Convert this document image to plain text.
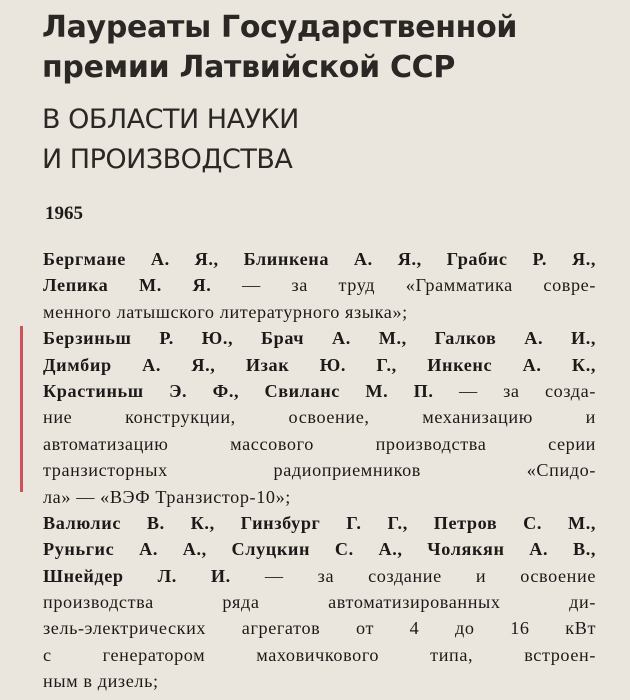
Лауреаты Государственной
премии Латвийской ССР
В ОБЛАСТИ НАУКИ
И ПРОИЗВОДСТВА
1965
Бергмане А. Я., Блинкена А. Я., Грабис Р. Я.,
Лепика М. Я. — за труд «Грамматика совре-
менного латышского литературного языка»;
Берзиньш Р. Ю., Брач А. М., Галков А. И.,
Димбир А. Я., Изак Ю. Г., Инкенс А. К.,
Крастиньш Э. Ф., Свиланс М. П. — за созда-
ние конструкции, освоение, механизацию и
автоматизацию массового производства серии
транзисторных радиоприемников «Спидо-
ла» — «ВЭФ Транзистор-10»;
Валюлис В. К., Гинзбург Г. Г., Петров С. М.,
Руньгис А. А., Слуцкин С. А., Чолякян А. В.,
Шнейдер Л. И. — за создание и освоение
производства ряда автоматизированных ди-
зель-электрических агрегатов от 4 до 16 кВт
с генератором маховичкового типа, встроен-
ным в дизель;
